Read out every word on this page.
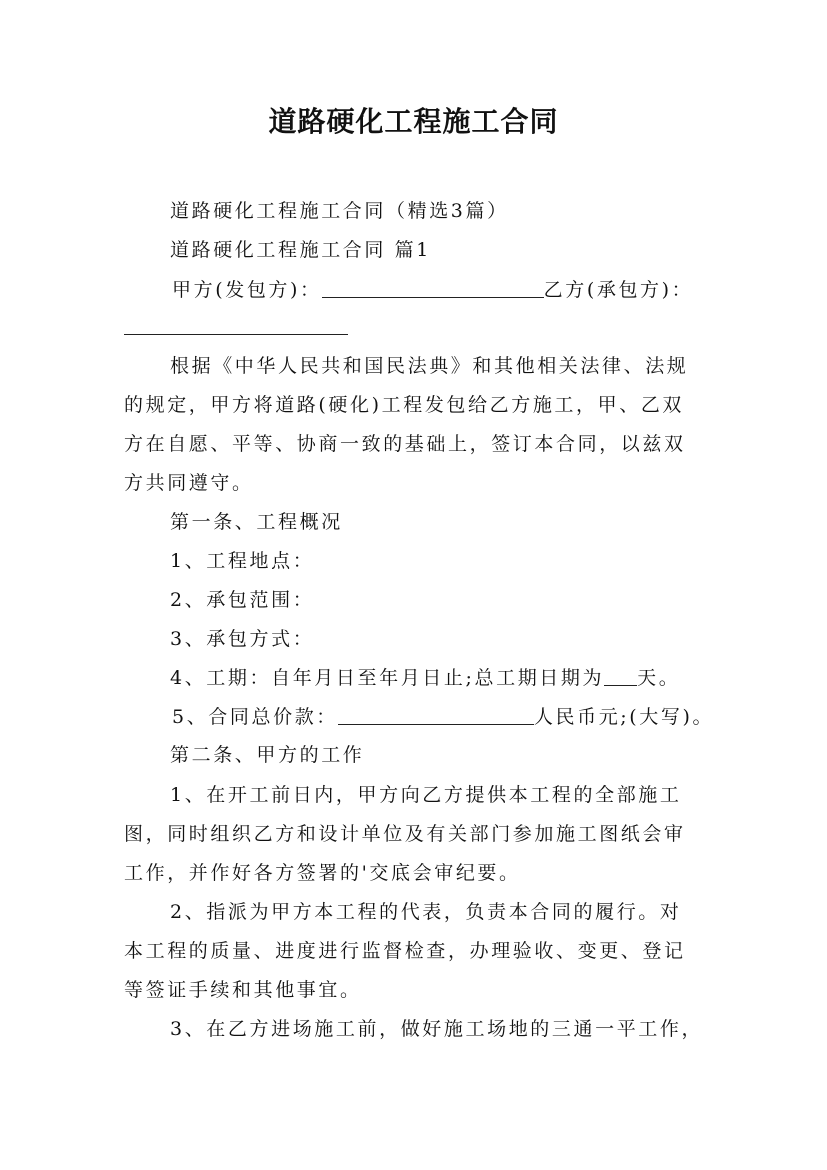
道路硬化工程施工合同
道路硬化工程施工合同（精选3篇）
道路硬化工程施工合同 篇1
甲方(发包方)：	乙方(承包方)：
根据《中华人民共和国民法典》和其他相关法律、法规
的规定，甲方将道路(硬化)工程发包给乙方施工，甲、乙双
方在自愿、平等、协商一致的基础上，签订本合同，以兹双
方共同遵守。
第一条、工程概况
1、工程地点：
2、承包范围：
3、承包方式：
4、工期：自年月日至年月日止;总工期日期为 天。
5、合同总价款：	人民币元;(大写)。
第二条、甲方的工作
1、在开工前日内，甲方向乙方提供本工程的全部施工
图，同时组织乙方和设计单位及有关部门参加施工图纸会审
工作，并作好各方签署的'交底会审纪要。
2、指派为甲方本工程的代表，负责本合同的履行。对
本工程的质量、进度进行监督检查，办理验收、变更、登记
等签证手续和其他事宜。
3、在乙方进场施工前，做好施工场地的三通一平工作，
